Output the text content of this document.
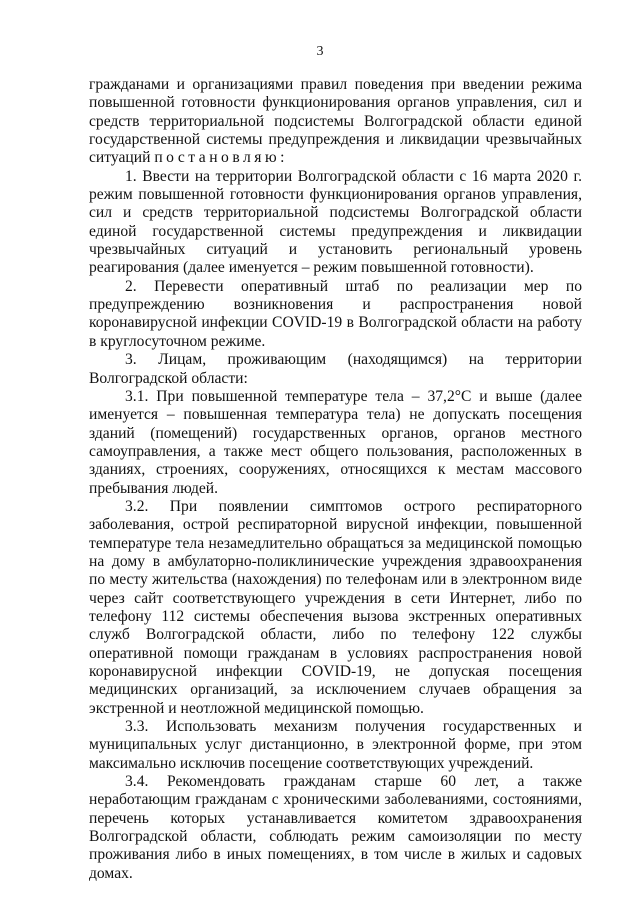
3

гражданами и организациями правил поведения при введении режима повышенной готовности функционирования органов управления, сил и средств территориальной подсистемы Волгоградской области единой государственной системы предупреждения и ликвидации чрезвычайных ситуаций постановляю:

1. Ввести на территории Волгоградской области с 16 марта 2020 г. режим повышенной готовности функционирования органов управления, сил и средств территориальной подсистемы Волгоградской области единой государственной системы предупреждения и ликвидации чрезвычайных ситуаций и установить региональный уровень реагирования (далее именуется – режим повышенной готовности).

2. Перевести оперативный штаб по реализации мер по предупреждению возникновения и распространения новой коронавирусной инфекции COVID-19 в Волгоградской области на работу в круглосуточном режиме.

3. Лицам, проживающим (находящимся) на территории Волгоградской области:

3.1. При повышенной температуре тела – 37,2°С и выше (далее именуется – повышенная температура тела) не допускать посещения зданий (помещений) государственных органов, органов местного самоуправления, а также мест общего пользования, расположенных в зданиях, строениях, сооружениях, относящихся к местам массового пребывания людей.

3.2. При появлении симптомов острого респираторного заболевания, острой респираторной вирусной инфекции, повышенной температуре тела незамедлительно обращаться за медицинской помощью на дому в амбулаторно-поликлинические учреждения здравоохранения по месту жительства (нахождения) по телефонам или в электронном виде через сайт соответствующего учреждения в сети Интернет, либо по телефону 112 системы обеспечения вызова экстренных оперативных служб Волгоградской области, либо по телефону 122 службы оперативной помощи гражданам в условиях распространения новой коронавирусной инфекции COVID-19, не допуская посещения медицинских организаций, за исключением случаев обращения за экстренной и неотложной медицинской помощью.

3.3. Использовать механизм получения государственных и муниципальных услуг дистанционно, в электронной форме, при этом максимально исключив посещение соответствующих учреждений.

3.4. Рекомендовать гражданам старше 60 лет, а также неработающим гражданам с хроническими заболеваниями, состояниями, перечень которых устанавливается комитетом здравоохранения Волгоградской области, соблюдать режим самоизоляции по месту проживания либо в иных помещениях, в том числе в жилых и садовых домах.
